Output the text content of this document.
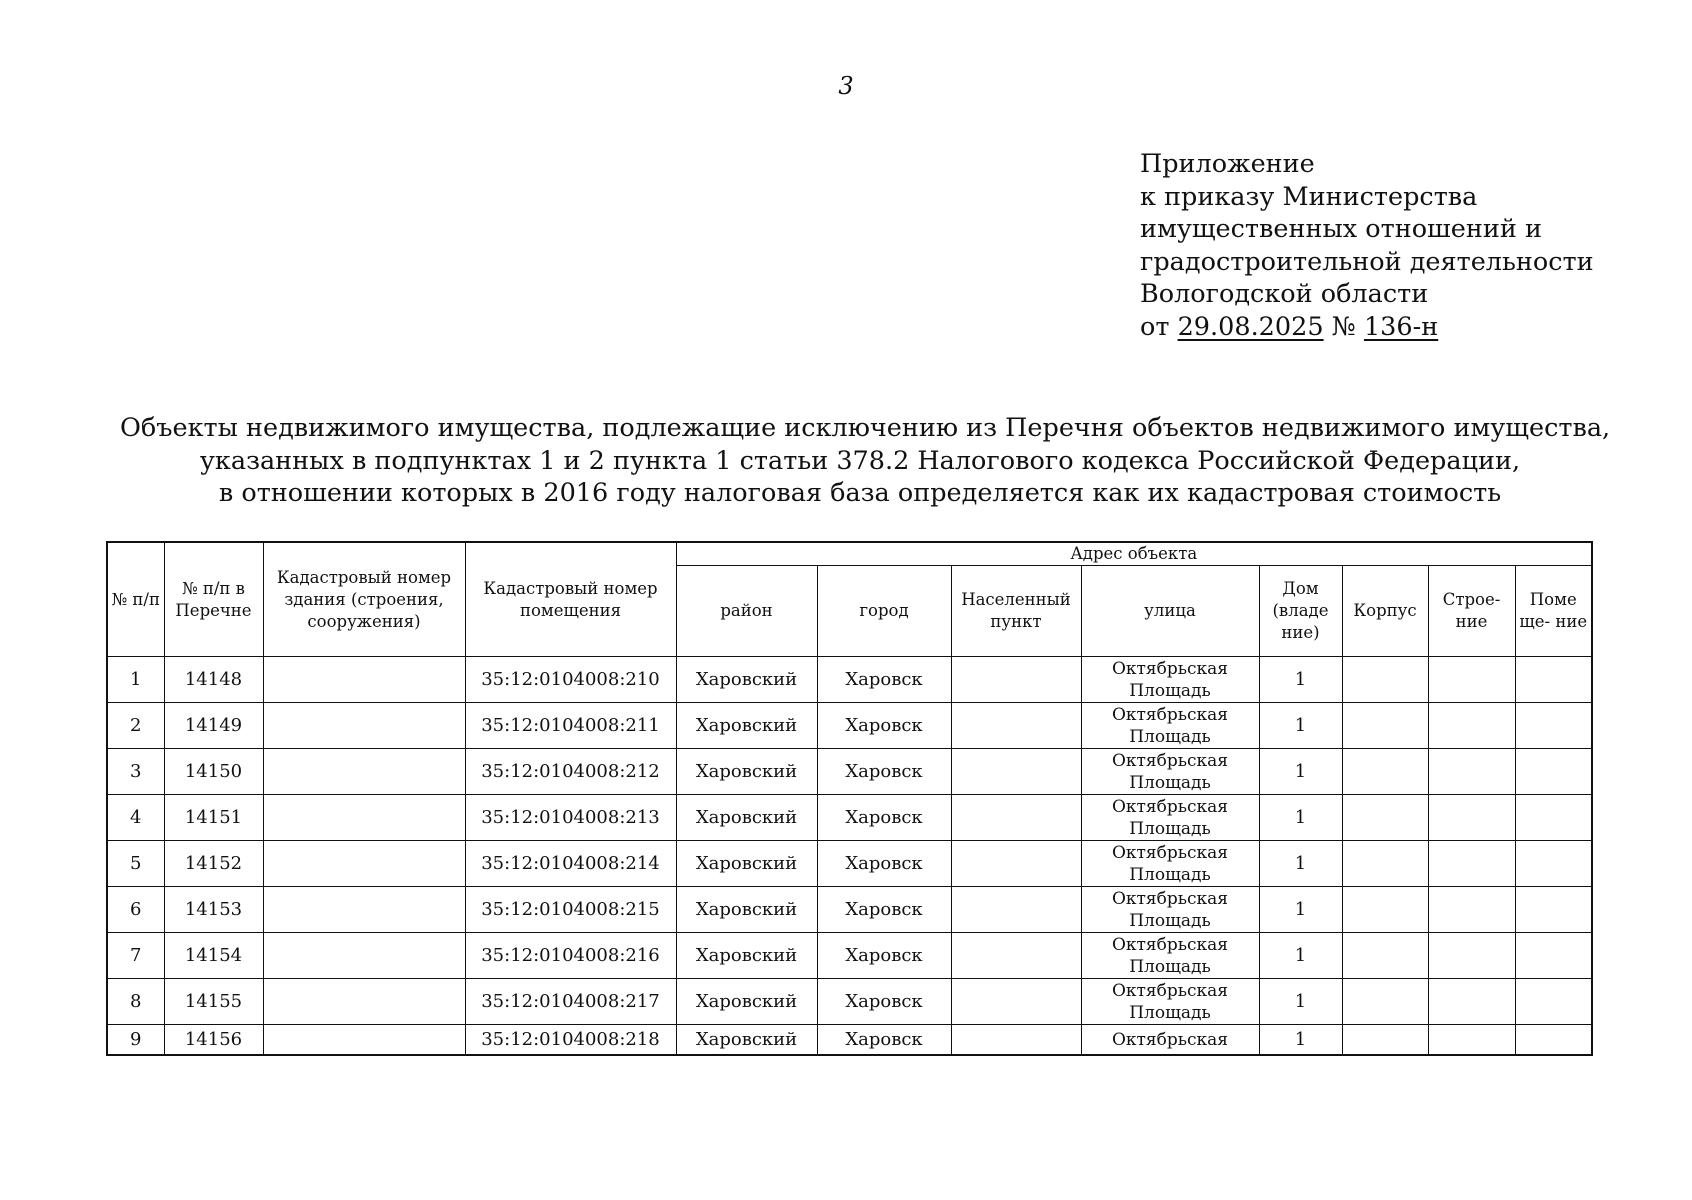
3
Приложение
к приказу Министерства
имущественных отношений и
градостроительной деятельности
Вологодской области
от 29.08.2025 № 136-н
Объекты недвижимого имущества, подлежащие исключению из Перечня объектов недвижимого имущества,
указанных в подпунктах 1 и 2 пункта 1 статьи 378.2 Налогового кодекса Российской Федерации,
в отношении которых в 2016 году налоговая база определяется как их кадастровая стоимость
№ п/п	№ п/п в Перечне	Кадастровый номер здания (строения, сооружения)	Кадастровый номер помещения	Адрес объекта							
				район	город	Населенный пункт	улица	Дом (владе ние)	Корпус	Строе- ние	Поме ще- ние
1	14148		35:12:0104008:210	Харовский	Харовск		Октябрьская Площадь	1			
2	14149		35:12:0104008:211	Харовский	Харовск		Октябрьская Площадь	1			
3	14150		35:12:0104008:212	Харовский	Харовск		Октябрьская Площадь	1			
4	14151		35:12:0104008:213	Харовский	Харовск		Октябрьская Площадь	1			
5	14152		35:12:0104008:214	Харовский	Харовск		Октябрьская Площадь	1			
6	14153		35:12:0104008:215	Харовский	Харовск		Октябрьская Площадь	1			
7	14154		35:12:0104008:216	Харовский	Харовск		Октябрьская Площадь	1			
8	14155		35:12:0104008:217	Харовский	Харовск		Октябрьская Площадь	1			
9	14156		35:12:0104008:218	Харовский	Харовск		Октябрьская	1			
